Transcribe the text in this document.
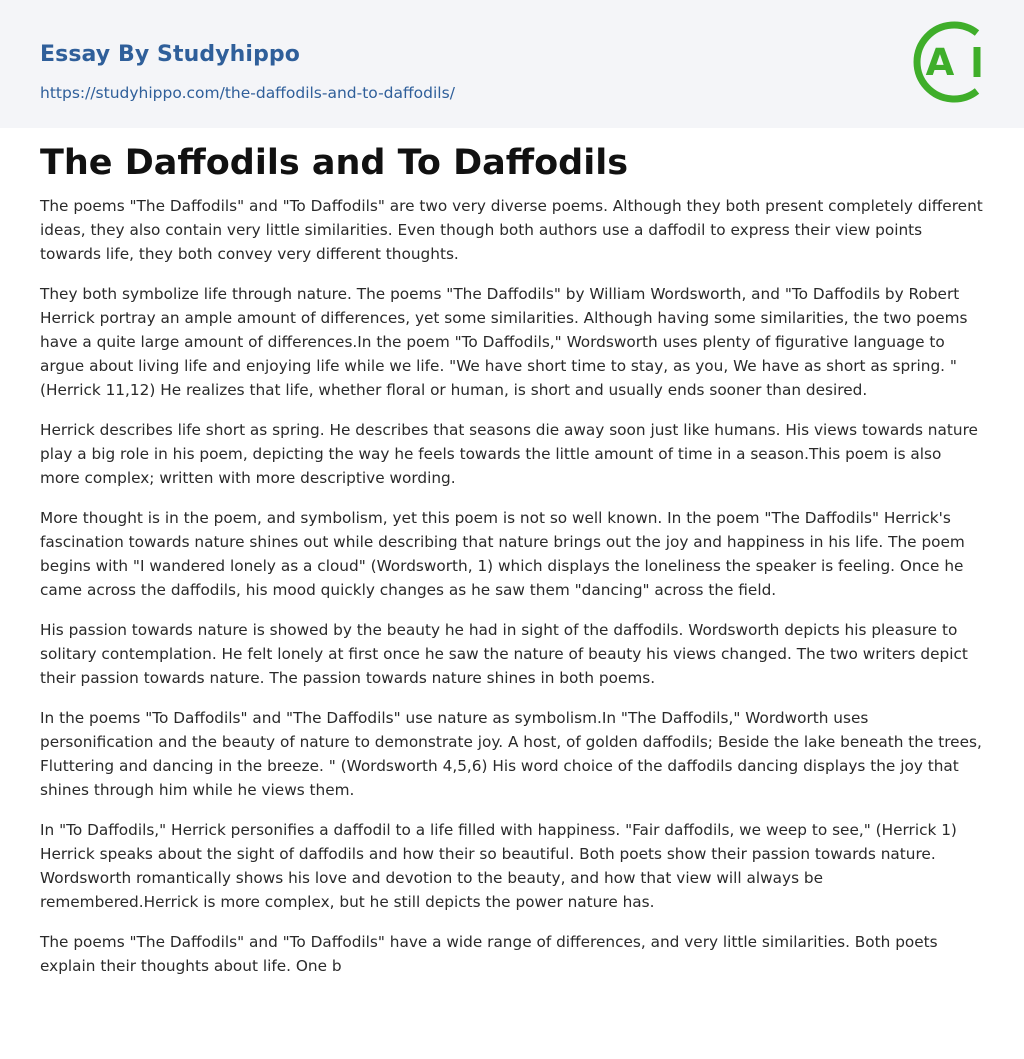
Essay By Studyhippo
https://studyhippo.com/the-daffodils-and-to-daffodils/
A
The Daffodils and To Daffodils

The poems "The Daffodils" and "To Daffodils" are two very diverse poems. Although they both present completely different ideas, they also contain very little similarities. Even though both authors use a daffodil to express their view points towards life, they both convey very different thoughts.

They both symbolize life through nature. The poems "The Daffodils" by William Wordsworth, and "To Daffodils by Robert Herrick portray an ample amount of differences, yet some similarities. Although having some similarities, the two poems have a quite large amount of differences.In the poem "To Daffodils," Wordsworth uses plenty of figurative language to argue about living life and enjoying life while we life. "We have short time to stay, as you, We have as short as spring. " (Herrick 11,12) He realizes that life, whether floral or human, is short and usually ends sooner than desired.

Herrick describes life short as spring. He describes that seasons die away soon just like humans. His views towards nature play a big role in his poem, depicting the way he feels towards the little amount of time in a season.This poem is also more complex; written with more descriptive wording.

More thought is in the poem, and symbolism, yet this poem is not so well known. In the poem "The Daffodils" Herrick's fascination towards nature shines out while describing that nature brings out the joy and happiness in his life. The poem begins with "I wandered lonely as a cloud" (Wordsworth, 1) which displays the loneliness the speaker is feeling. Once he came across the daffodils, his mood quickly changes as he saw them "dancing" across the field.

His passion towards nature is showed by the beauty he had in sight of the daffodils. Wordsworth depicts his pleasure to solitary contemplation. He felt lonely at first once he saw the nature of beauty his views changed. The two writers depict their passion towards nature. The passion towards nature shines in both poems.

In the poems "To Daffodils" and "The Daffodils" use nature as symbolism.In "The Daffodils," Wordworth uses personification and the beauty of nature to demonstrate joy. A host, of golden daffodils; Beside the lake beneath the trees, Fluttering and dancing in the breeze. " (Wordsworth 4,5,6) His word choice of the daffodils dancing displays the joy that shines through him while he views them.

In "To Daffodils," Herrick personifies a daffodil to a life filled with happiness. "Fair daffodils, we weep to see," (Herrick 1) Herrick speaks about the sight of daffodils and how their so beautiful. Both poets show their passion towards nature. Wordsworth romantically shows his love and devotion to the beauty, and how that view will always be remembered.Herrick is more complex, but he still depicts the power nature has.

The poems "The Daffodils" and "To Daffodils" have a wide range of differences, and very little similarities. Both poets explain their thoughts about life. One b
